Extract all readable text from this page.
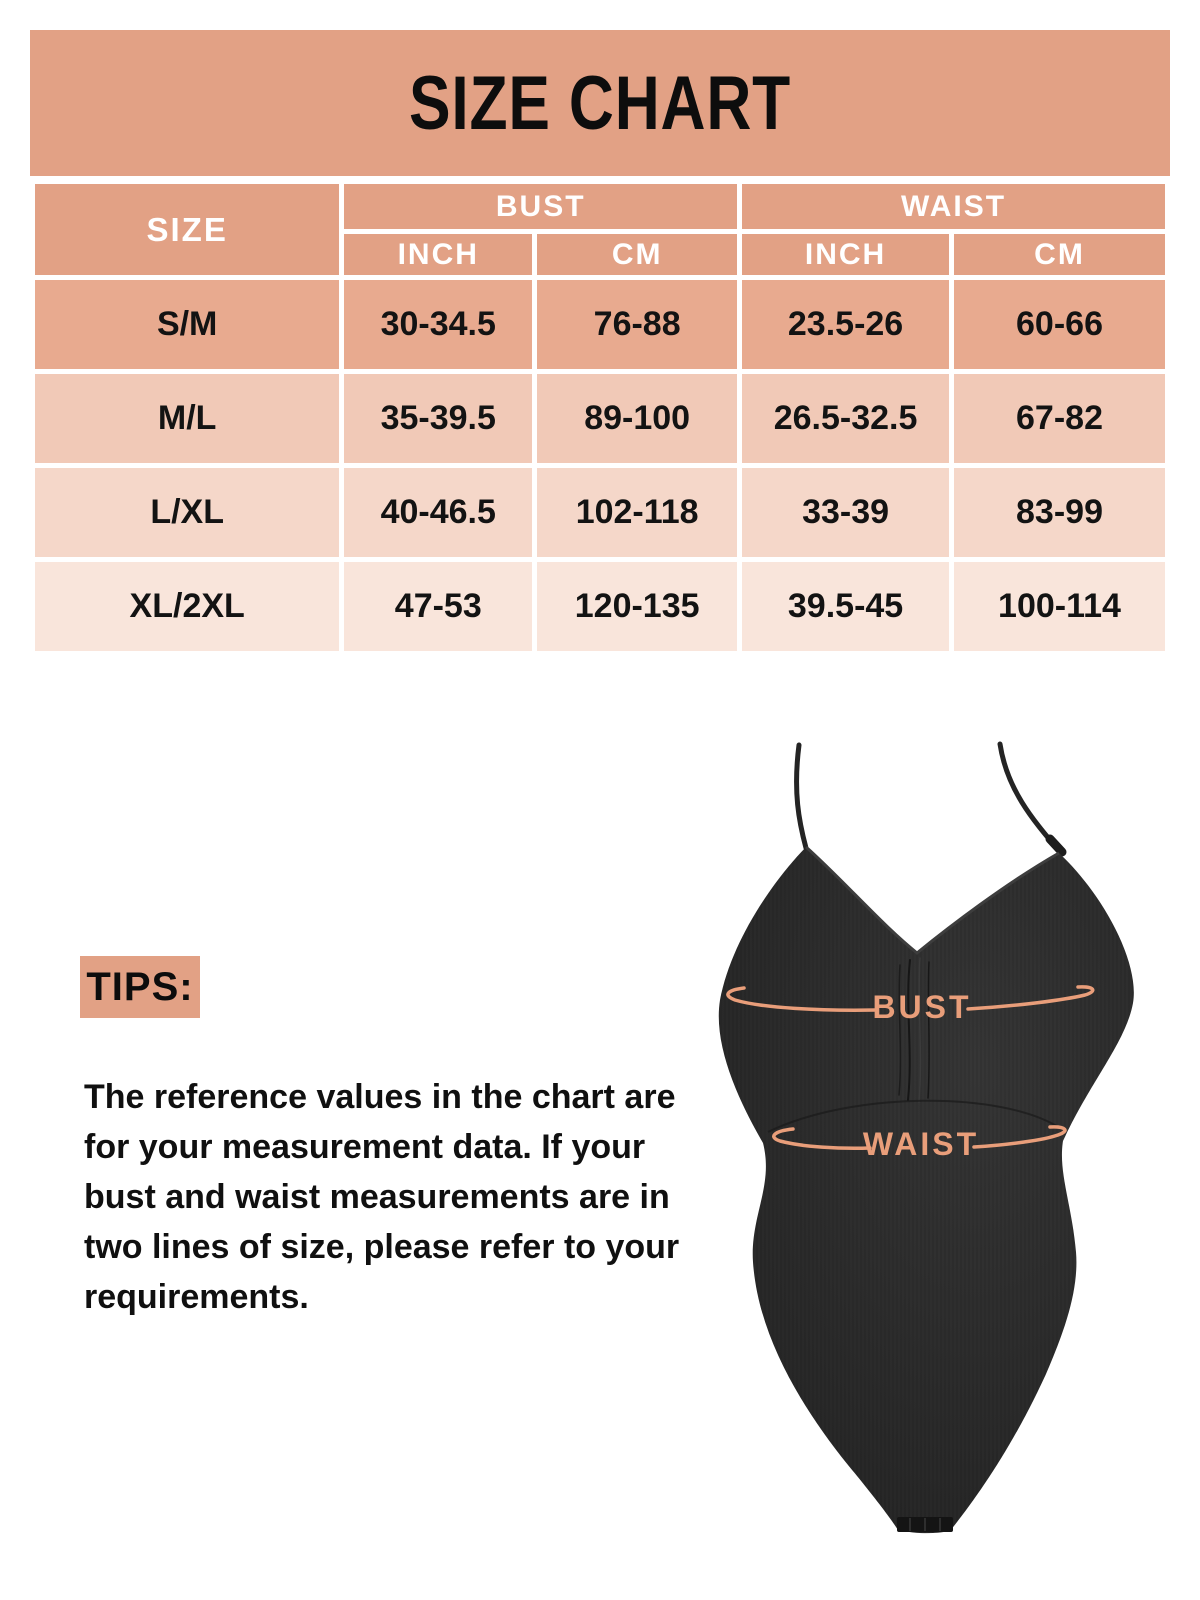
SIZE CHART
SIZE	BUST		WAIST	
	INCH	CM	INCH	CM
S/M	30-34.5	76-88	23.5-26	60-66
M/L	35-39.5	89-100	26.5-32.5	67-82
L/XL	40-46.5	102-118	33-39	83-99
XL/2XL	47-53	120-135	39.5-45	100-114
TIPS:

The reference values in the chart are for your measurement data. If your bust and waist measurements are in two lines of size, please refer to your requirements.

BUST
WAIST
